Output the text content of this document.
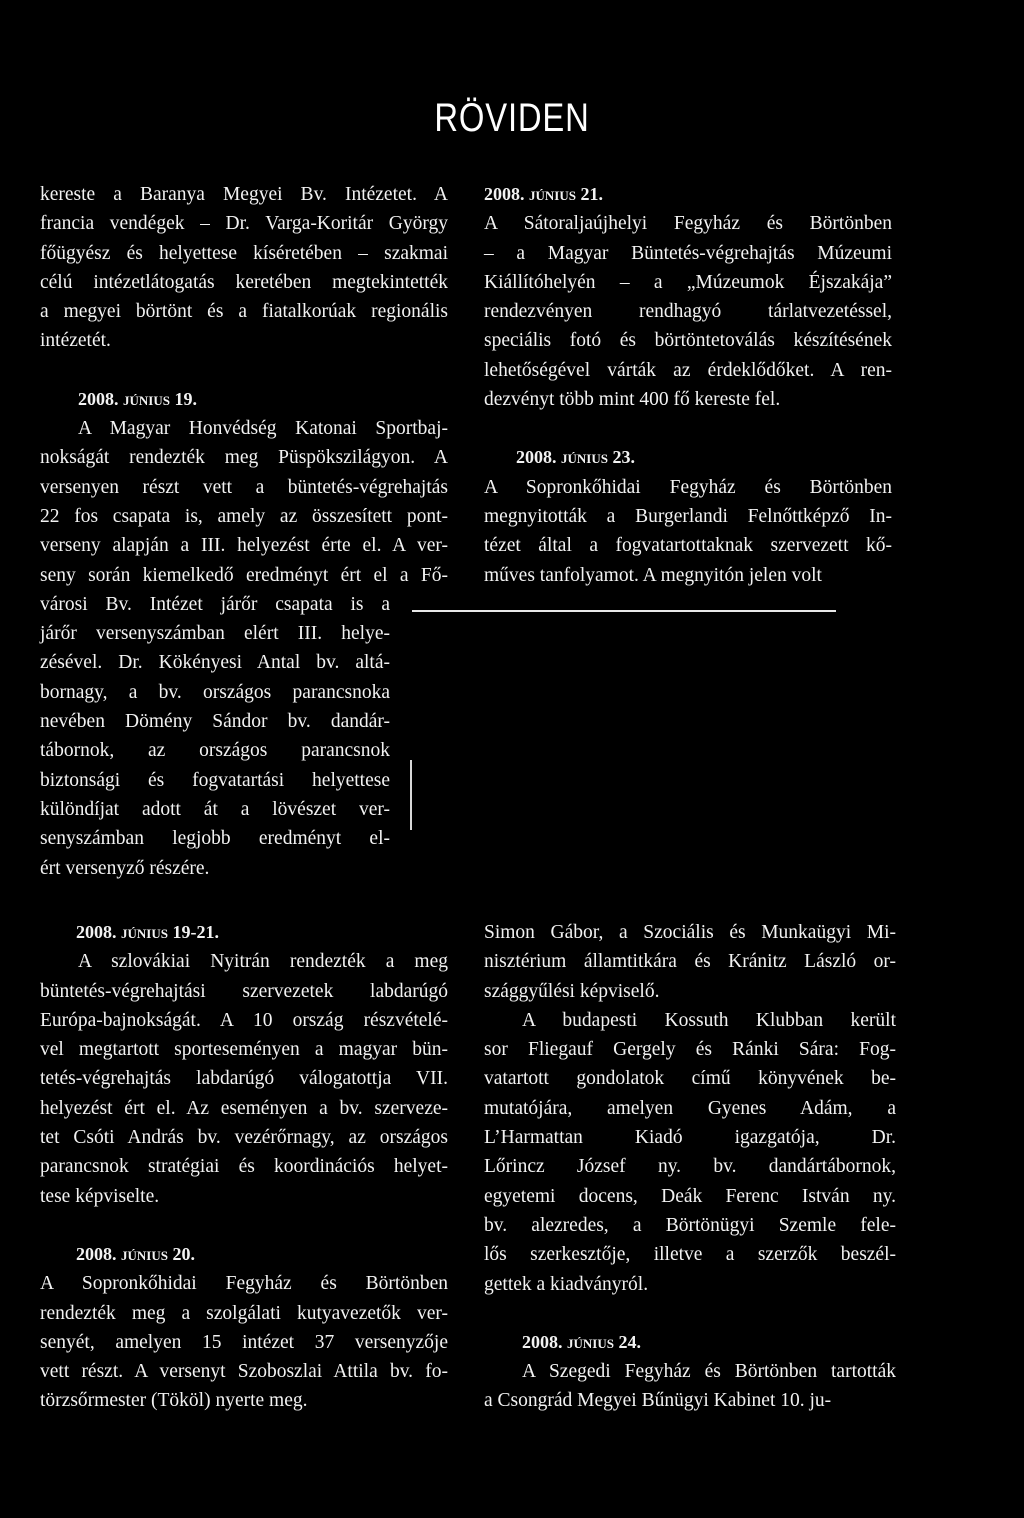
RÖVIDEN

kereste a Baranya Megyei Bv. Intézetet. A

francia vendégek – Dr. Varga-Koritár György

főügyész és helyettese kíséretében – szakmai

célú intézetlátogatás keretében megtekintették

a megyei börtönt és a fiatalkorúak regionális

intézetét.

2008. június 19.

A Magyar Honvédség Katonai Sportbaj-

nokságát rendezték meg Püspökszilágyon. A

versenyen részt vett a büntetés-végrehajtás

22 fos csapata is, amely az összesített pont-

verseny alapján a III. helyezést érte el. A ver-

seny során kiemelkedő eredményt ért el a Fő-

városi Bv. Intézet járőr csapata is a

járőr versenyszámban elért III. helye-

zésével. Dr. Kökényesi Antal bv. altá-

bornagy, a bv. országos parancsnoka

nevében Dömény Sándor bv. dandár-

tábornok, az országos parancsnok

biztonsági és fogvatartási helyettese

különdíjat adott át a lövészet ver-

senyszámban legjobb eredményt el-

ért versenyző részére.

2008. június 21.

A Sátoraljaújhelyi Fegyház és Börtönben

– a Magyar Büntetés-végrehajtás Múzeumi

Kiállítóhelyén – a „Múzeumok Éjszakája”

rendezvényen rendhagyó tárlatvezetéssel,

speciális fotó és börtöntetoválás készítésének

lehetőségével várták az érdeklődőket. A ren-

dezvényt több mint 400 fő kereste fel.

2008. június 23.

A Sopronkőhidai Fegyház és Börtönben

megnyitották a Burgerlandi Felnőttképző In-

tézet által a fogvatartottaknak szervezett kő-

műves tanfolyamot. A megnyitón jelen volt

2008. június 19-21.

A szlovákiai Nyitrán rendezték a meg

büntetés-végrehajtási szervezetek labdarúgó

Európa-bajnokságát. A 10 ország részvételé-

vel megtartott sporteseményen a magyar bün-

tetés-végrehajtás labdarúgó válogatottja VII.

helyezést ért el. Az eseményen a bv. szerveze-

tet Csóti András bv. vezérőrnagy, az országos

parancsnok stratégiai és koordinációs helyet-

tese képviselte.

2008. június 20.

A Sopronkőhidai Fegyház és Börtönben

rendezték meg a szolgálati kutyavezetők ver-

senyét, amelyen 15 intézet 37 versenyzője

vett részt. A versenyt Szoboszlai Attila bv. fo-

törzsőrmester (Tököl) nyerte meg.

Simon Gábor, a Szociális és Munkaügyi Mi-

nisztérium államtitkára és Kránitz László or-

szággyűlési képviselő.

A budapesti Kossuth Klubban került

sor Fliegauf Gergely és Ránki Sára: Fog-

vatartott gondolatok című könyvének be-

mutatójára, amelyen Gyenes Adám, a

L’Harmattan Kiadó igazgatója, Dr.

Lőrincz József ny. bv. dandártábornok,

egyetemi docens, Deák Ferenc István ny.

bv. alezredes, a Börtönügyi Szemle fele-

lős szerkesztője, illetve a szerzők beszél-

gettek a kiadványról.

2008. június 24.

A Szegedi Fegyház és Börtönben tartották

a Csongrád Megyei Bűnügyi Kabinet 10. ju-
